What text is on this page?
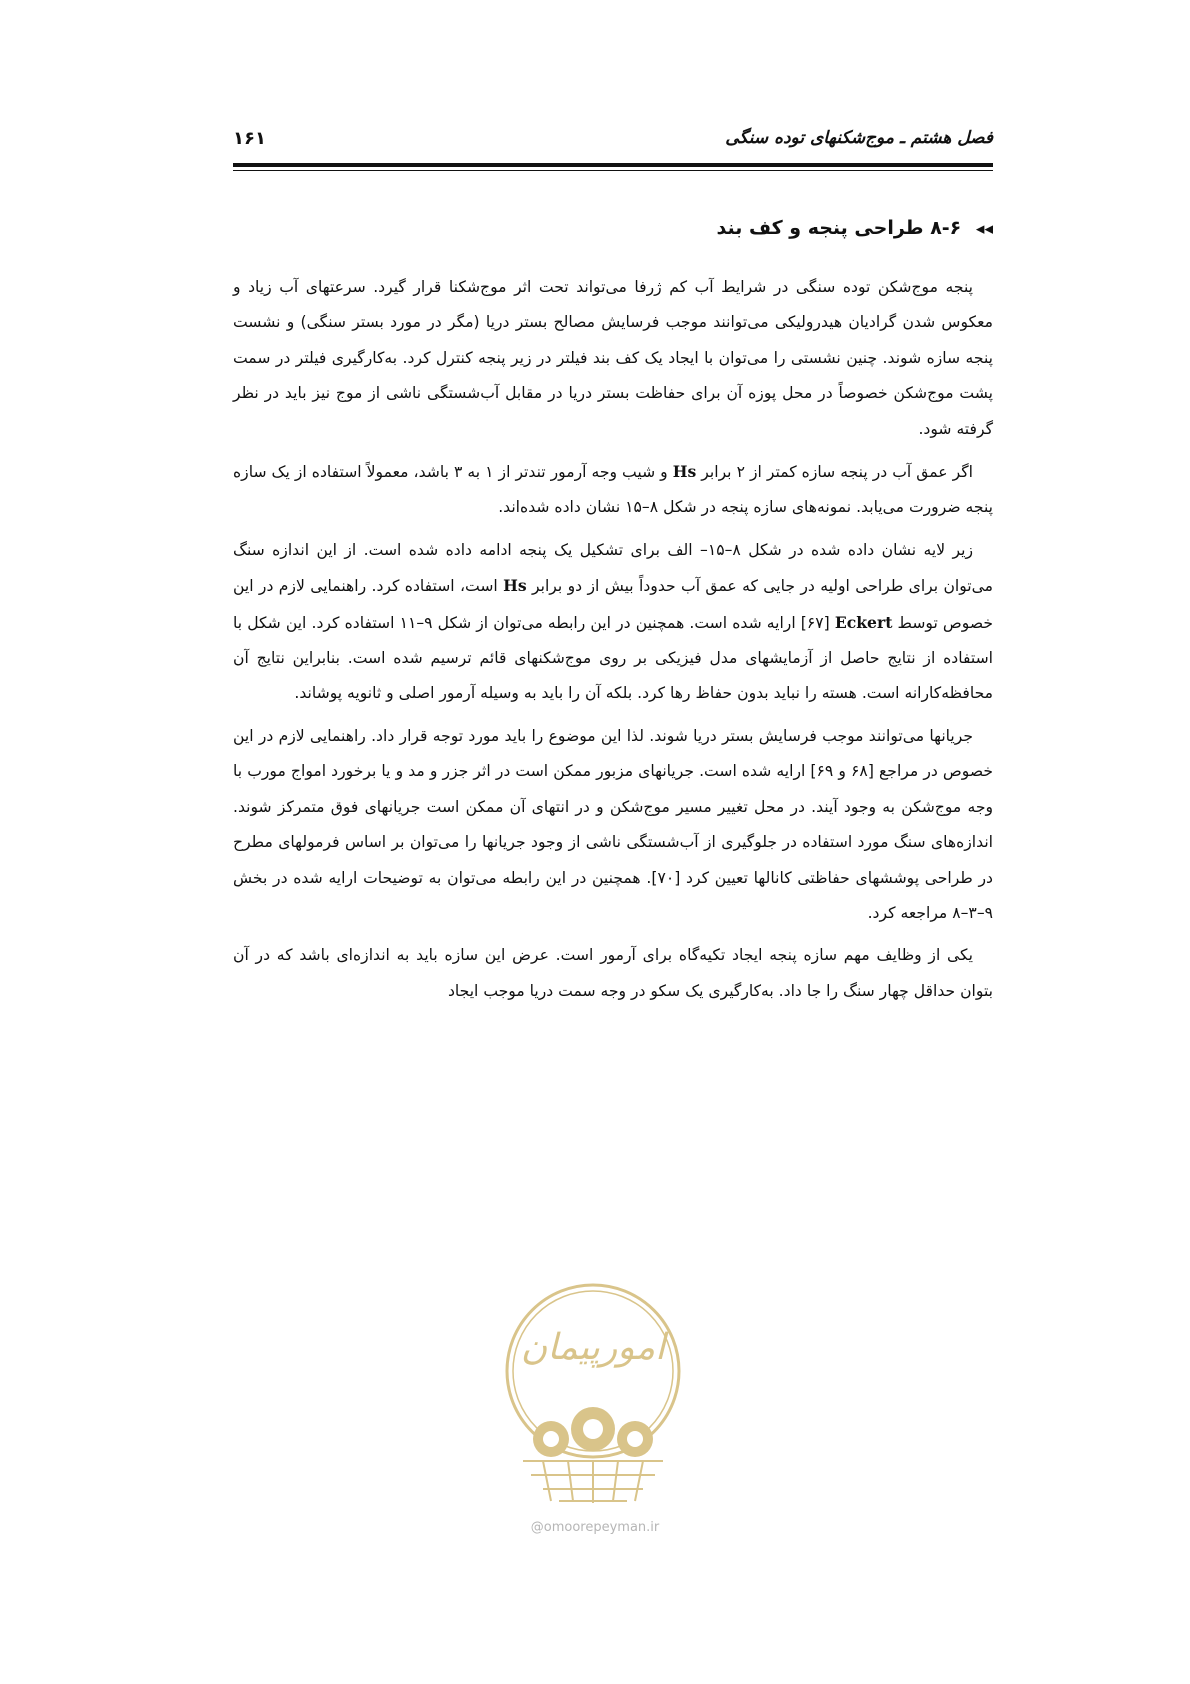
فصل هشتم ـ موج‌شکنهای توده سنگی
۱۶۱
◂◂ ۸-۶ طراحی پنجه و کف بند

پنجه موج‌شکن توده سنگی در شرایط آب کم ژرفا می‌تواند تحت اثر موج‌شکنا قرار گیرد. سرعتهای آب زیاد و معکوس شدن گرادیان هیدرولیکی می‌توانند موجب فرسایش مصالح بستر دریا (مگر در مورد بستر سنگی) و نشست پنجه سازه شوند. چنین نشستی را می‌توان با ایجاد یک کف بند فیلتر در زیر پنجه کنترل کرد. به‌کارگیری فیلتر در سمت پشت موج‌شکن خصوصاً در محل پوزه آن برای حفاظت بستر دریا در مقابل آب‌شستگی ناشی از موج نیز باید در نظر گرفته شود.

اگر عمق آب در پنجه سازه کمتر از ۲ برابر Hs و شیب وجه آرمور تندتر از ۱ به ۳ باشد، معمولاً استفاده از یک سازه پنجه ضرورت می‌یابد. نمونه‌های سازه پنجه در شکل ۸–۱۵ نشان داده شده‌اند.

زیر لایه نشان داده شده در شکل ۸–۱۵– الف برای تشکیل یک پنجه ادامه داده شده است. از این اندازه سنگ می‌توان برای طراحی اولیه در جایی که عمق آب حدوداً بیش از دو برابر Hs است، استفاده کرد. راهنمایی لازم در این خصوص توسط Eckert [۶۷] ارایه شده است. همچنین در این رابطه می‌توان از شکل ۹–۱۱ استفاده کرد. این شکل با استفاده از نتایج حاصل از آزمایشهای مدل فیزیکی بر روی موج‌شکنهای قائم ترسیم شده است. بنابراین نتایج آن محافظه‌کارانه است. هسته را نباید بدون حفاظ رها کرد. بلکه آن را باید به وسیله آرمور اصلی و ثانویه پوشاند.

جریانها می‌توانند موجب فرسایش بستر دریا شوند. لذا این موضوع را باید مورد توجه قرار داد. راهنمایی لازم در این خصوص در مراجع [۶۸ و ۶۹] ارایه شده است. جریانهای مزبور ممکن است در اثر جزر و مد و یا برخورد امواج مورب با وجه موج‌شکن به وجود آیند. در محل تغییر مسیر موج‌شکن و در انتهای آن ممکن است جریانهای فوق متمرکز شوند. اندازه‌های سنگ مورد استفاده در جلوگیری از آب‌شستگی ناشی از وجود جریانها را می‌توان بر اساس فرمولهای مطرح در طراحی پوششهای حفاظتی کانالها تعیین کرد [۷۰]. همچنین در این رابطه می‌توان به توضیحات ارایه شده در بخش ۹–۳–۸ مراجعه کرد.

یکی از وظایف مهم سازه پنجه ایجاد تکیه‌گاه برای آرمور است. عرض این سازه باید به اندازه‌ای باشد که در آن بتوان حداقل چهار سنگ را جا داد. به‌کارگیری یک سکو در وجه سمت دریا موجب ایجاد

امورپیمان
@omoorepeyman.ir
